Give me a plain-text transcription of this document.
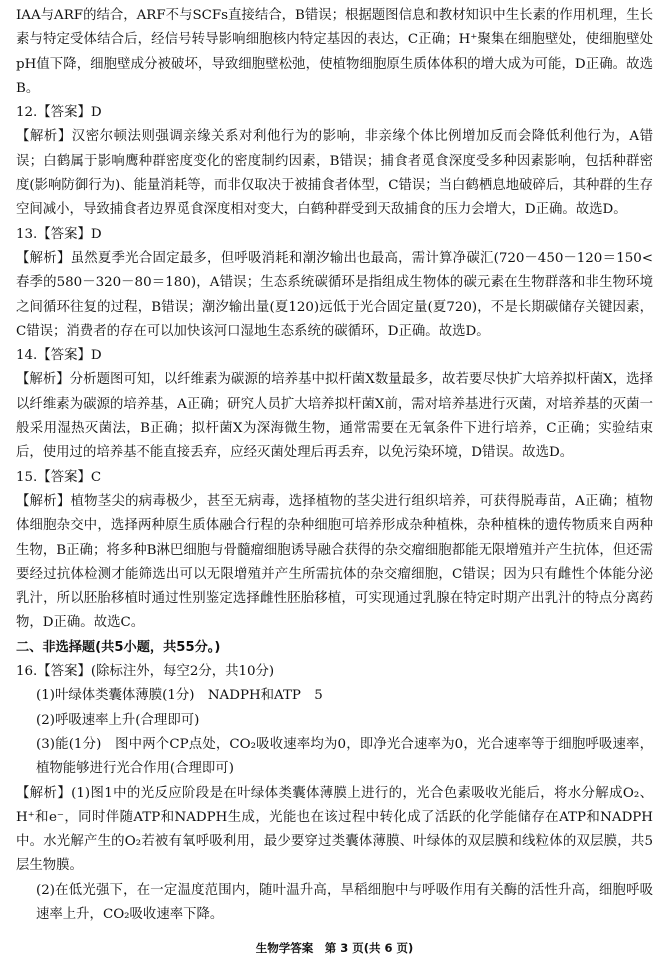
IAA与ARF的结合，ARF不与SCFs直接结合，B错误；根据题图信息和教材知识中生长素的作用机理，生长素与特定受体结合后，经信号转导影响细胞核内特定基因的表达，C正确；H⁺聚集在细胞壁处，使细胞壁处pH值下降，细胞壁成分被破坏，导致细胞壁松弛，使植物细胞原生质体体积的增大成为可能，D正确。故选B。

12.【答案】D

【解析】汉密尔顿法则强调亲缘关系对利他行为的影响，非亲缘个体比例增加反而会降低利他行为，A错误；白鹤属于影响鹰种群密度变化的密度制约因素，B错误；捕食者觅食深度受多种因素影响，包括种群密度(影响防御行为)、能量消耗等，而非仅取决于被捕食者体型，C错误；当白鹤栖息地破碎后，其种群的生存空间减小，导致捕食者边界觅食深度相对变大，白鹤种群受到天敌捕食的压力会增大，D正确。故选D。

13.【答案】D

【解析】虽然夏季光合固定最多，但呼吸消耗和潮汐输出也最高，需计算净碳汇(720－450－120＝150<春季的580－320－80＝180)，A错误；生态系统碳循环是指组成生物体的碳元素在生物群落和非生物环境之间循环往复的过程，B错误；潮汐输出量(夏120)远低于光合固定量(夏720)，不是长期碳储存关键因素，C错误；消费者的存在可以加快该河口湿地生态系统的碳循环，D正确。故选D。

14.【答案】D

【解析】分析题图可知，以纤维素为碳源的培养基中拟杆菌X数量最多，故若要尽快扩大培养拟杆菌X，选择以纤维素为碳源的培养基，A正确；研究人员扩大培养拟杆菌X前，需对培养基进行灭菌，对培养基的灭菌一般采用湿热灭菌法，B正确；拟杆菌X为深海微生物，通常需要在无氧条件下进行培养，C正确；实验结束后，使用过的培养基不能直接丢弃，应经灭菌处理后再丢弃，以免污染环境，D错误。故选D。

15.【答案】C

【解析】植物茎尖的病毒极少，甚至无病毒，选择植物的茎尖进行组织培养，可获得脱毒苗，A正确；植物体细胞杂交中，选择两种原生质体融合行程的杂种细胞可培养形成杂种植株，杂种植株的遗传物质来自两种生物，B正确；将多种B淋巴细胞与骨髓瘤细胞诱导融合获得的杂交瘤细胞都能无限增殖并产生抗体，但还需要经过抗体检测才能筛选出可以无限增殖并产生所需抗体的杂交瘤细胞，C错误；因为只有雌性个体能分泌乳汁，所以胚胎移植时通过性别鉴定选择雌性胚胎移植，可实现通过乳腺在特定时期产出乳汁的特点分离药物，D正确。故选C。

二、非选择题(共5小题，共55分。)

16.【答案】(除标注外，每空2分，共10分)

(1)叶绿体类囊体薄膜(1分)　NADPH和ATP　5

(2)呼吸速率上升(合理即可)

(3)能(1分)　图中两个CP点处，CO₂吸收速率均为0，即净光合速率为0，光合速率等于细胞呼吸速率，植物能够进行光合作用(合理即可)

【解析】(1)图1中的光反应阶段是在叶绿体类囊体薄膜上进行的，光合色素吸收光能后，将水分解成O₂、H⁺和e⁻，同时伴随ATP和NADPH生成，光能也在该过程中转化成了活跃的化学能储存在ATP和NADPH中。水光解产生的O₂若被有氧呼吸利用，最少要穿过类囊体薄膜、叶绿体的双层膜和线粒体的双层膜，共5层生物膜。

(2)在低光强下，在一定温度范围内，随叶温升高，旱稻细胞中与呼吸作用有关酶的活性升高，细胞呼吸速率上升，CO₂吸收速率下降。

生物学答案　第 3 页(共 6 页)
